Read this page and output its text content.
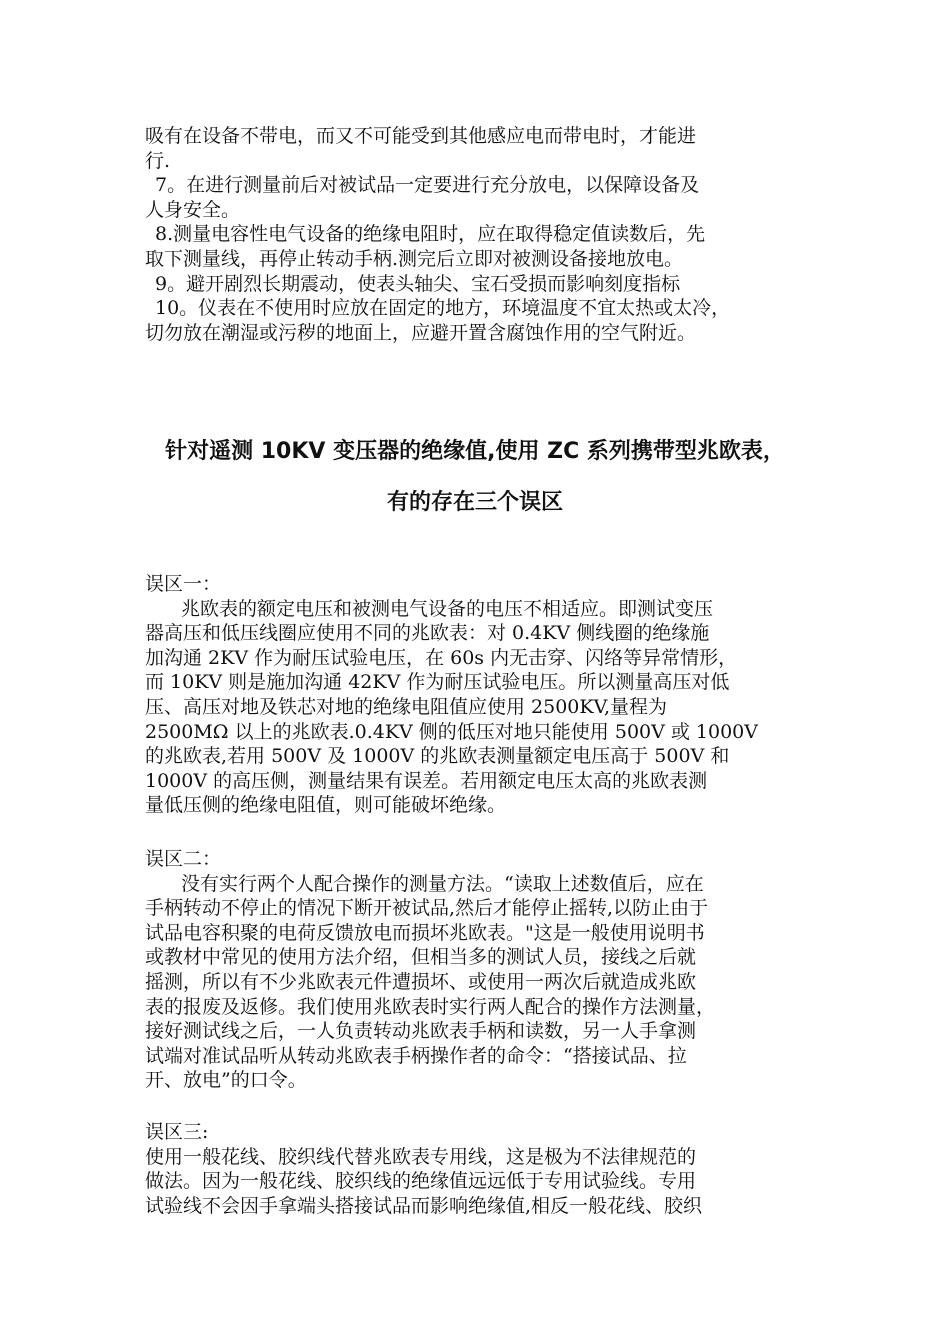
吸有在设备不带电，而又不可能受到其他感应电而带电时，才能进
行.
7。在进行测量前后对被试品一定要进行充分放电，以保障设备及
人身安全。
8.测量电容性电气设备的绝缘电阻时，应在取得稳定值读数后，先
取下测量线，再停止转动手柄.测完后立即对被测设备接地放电。
9。避开剧烈长期震动，使表头轴尖、宝石受损而影响刻度指标
10。仪表在不使用时应放在固定的地方，环境温度不宜太热或太冷，
切勿放在潮湿或污秽的地面上，应避开置含腐蚀作用的空气附近。
针对遥测 10KV 变压器的绝缘值,使用 ZC 系列携带型兆欧表，
有的存在三个误区
误区一：
兆欧表的额定电压和被测电气设备的电压不相适应。即测试变压
器高压和低压线圈应使用不同的兆欧表：对 0.4KV 侧线圈的绝缘施
加沟通 2KV 作为耐压试验电压，在 60s 内无击穿、闪络等异常情形，
而 10KV 则是施加沟通 42KV 作为耐压试验电压。所以测量高压对低
压、高压对地及铁芯对地的绝缘电阻值应使用 2500KV,量程为
2500MΩ 以上的兆欧表.0.4KV 侧的低压对地只能使用 500V 或 1000V
的兆欧表,若用 500V 及 1000V 的兆欧表测量额定电压高于 500V 和
1000V 的高压侧，测量结果有误差。若用额定电压太高的兆欧表测
量低压侧的绝缘电阻值，则可能破坏绝缘。
误区二：
没有实行两个人配合操作的测量方法。“读取上述数值后，应在
手柄转动不停止的情况下断开被试品,然后才能停止摇转,以防止由于
试品电容积聚的电荷反馈放电而损坏兆欧表。"这是一般使用说明书
或教材中常见的使用方法介绍，但相当多的测试人员，接线之后就
摇测，所以有不少兆欧表元件遭损坏、或使用一两次后就造成兆欧
表的报废及返修。我们使用兆欧表时实行两人配合的操作方法测量，
接好测试线之后，一人负责转动兆欧表手柄和读数，另一人手拿测
试端对准试品听从转动兆欧表手柄操作者的命令：“搭接试品、拉
开、放电”的口令。
误区三:
使用一般花线、胶织线代替兆欧表专用线，这是极为不法律规范的
做法。因为一般花线、胶织线的绝缘值远远低于专用试验线。专用
试验线不会因手拿端头搭接试品而影响绝缘值,相反一般花线、胶织
